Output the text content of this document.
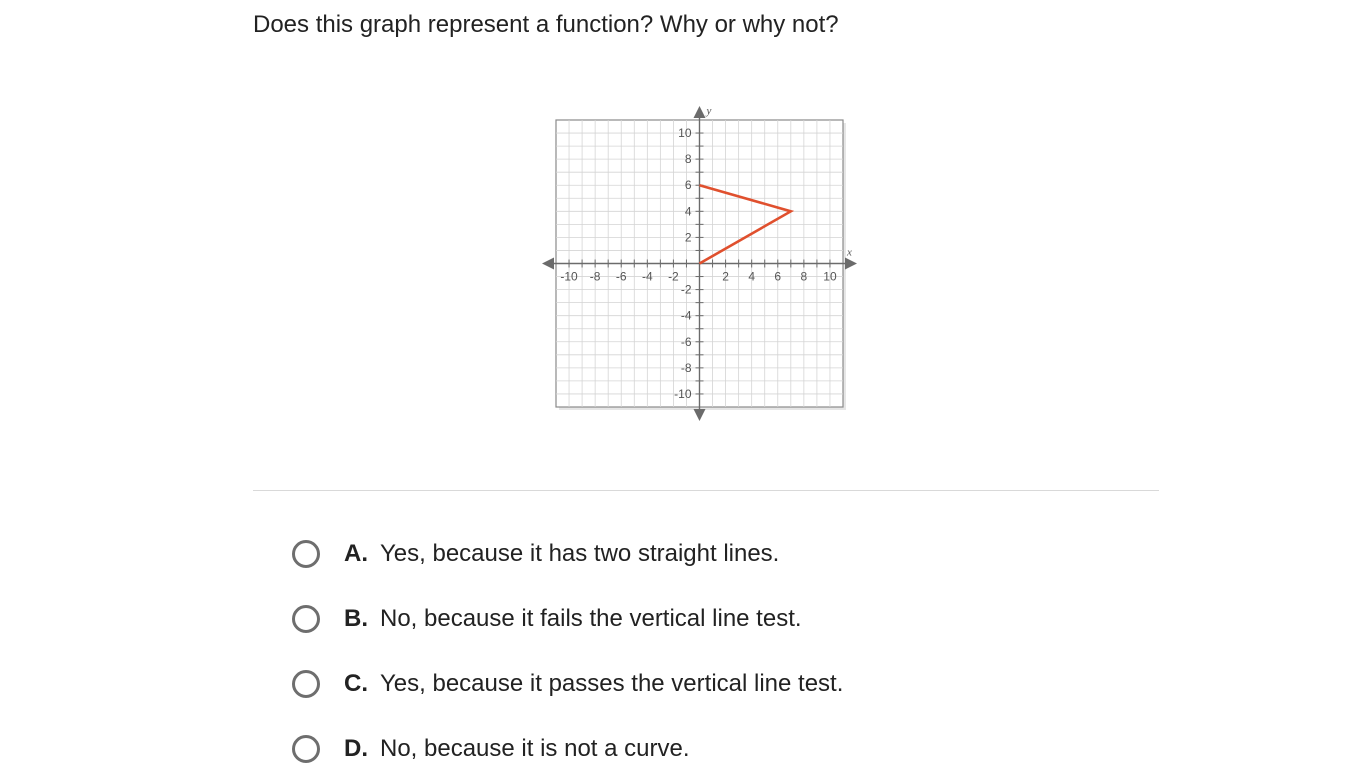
Does this graph represent a function? Why or why not?
x
y
-10 -8 -6 -4 -2	2 4 6 8 10
10
8
6
4
2
-2
-4
-6
-8
-10
A. Yes, because it has two straight lines.
B. No, because it fails the vertical line test.
C. Yes, because it passes the vertical line test.
D. No, because it is not a curve.
